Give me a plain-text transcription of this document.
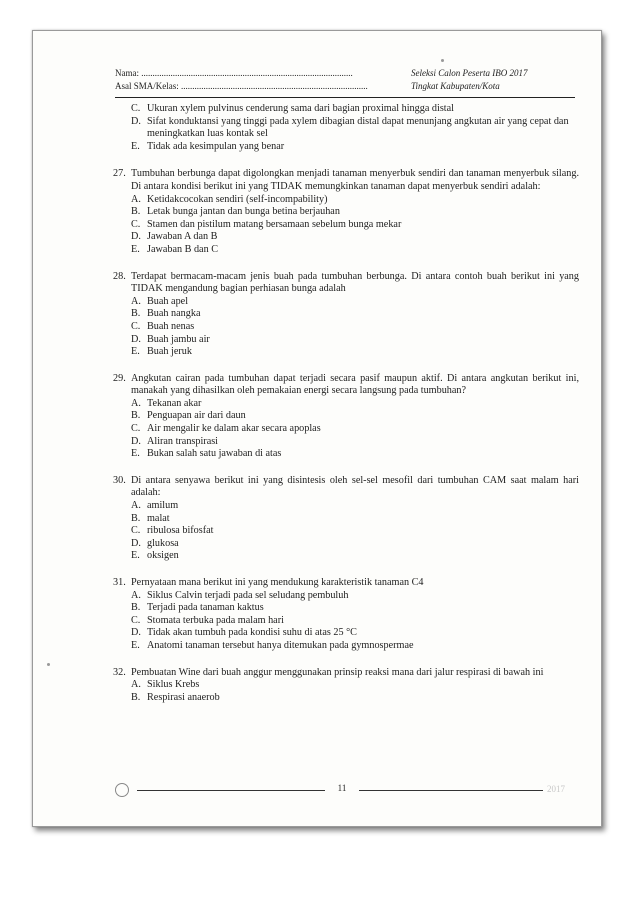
Nama: ..............................................................................................
Asal SMA/Kelas: ...................................................................................
Seleksi Calon Peserta IBO 2017
Tingkat Kabupaten/Kota
C. Ukuran xylem pulvinus cenderung sama dari bagian proximal hingga distal
D. Sifat konduktansi yang tinggi pada xylem dibagian distal dapat menunjang angkutan air yang cepat dan meningkatkan luas kontak sel
E. Tidak ada kesimpulan yang benar
27. Tumbuhan berbunga dapat digolongkan menjadi tanaman menyerbuk sendiri dan tanaman menyerbuk silang. Di antara kondisi berikut ini yang TIDAK memungkinkan tanaman dapat menyerbuk sendiri adalah:
A. Ketidakcocokan sendiri (self-incompability)
B. Letak bunga jantan dan bunga betina berjauhan
C. Stamen dan pistilum matang bersamaan sebelum bunga mekar
D. Jawaban A dan B
E. Jawaban B dan C
28. Terdapat bermacam-macam jenis buah pada tumbuhan berbunga. Di antara contoh buah berikut ini yang TIDAK mengandung bagian perhiasan bunga adalah
A. Buah apel
B. Buah nangka
C. Buah nenas
D. Buah jambu air
E. Buah jeruk
29. Angkutan cairan pada tumbuhan dapat terjadi secara pasif maupun aktif. Di antara angkutan berikut ini, manakah yang dihasilkan oleh pemakaian energi secara langsung pada tumbuhan?
A. Tekanan akar
B. Penguapan air dari daun
C. Air mengalir ke dalam akar secara apoplas
D. Aliran transpirasi
E. Bukan salah satu jawaban di atas
30. Di antara senyawa berikut ini yang disintesis oleh sel-sel mesofil dari tumbuhan CAM saat malam hari adalah:
A. amilum
B. malat
C. ribulosa bifosfat
D. glukosa
E. oksigen
31. Pernyataan mana berikut ini yang mendukung karakteristik tanaman C4
A. Siklus Calvin terjadi pada sel seludang pembuluh
B. Terjadi pada tanaman kaktus
C. Stomata terbuka pada malam hari
D. Tidak akan tumbuh pada kondisi suhu di atas 25 °C
E. Anatomi tanaman tersebut hanya ditemukan pada gymnospermae
32. Pembuatan Wine dari buah anggur menggunakan prinsip reaksi mana dari jalur respirasi di bawah ini
A. Siklus Krebs
B. Respirasi anaerob
11	2017
